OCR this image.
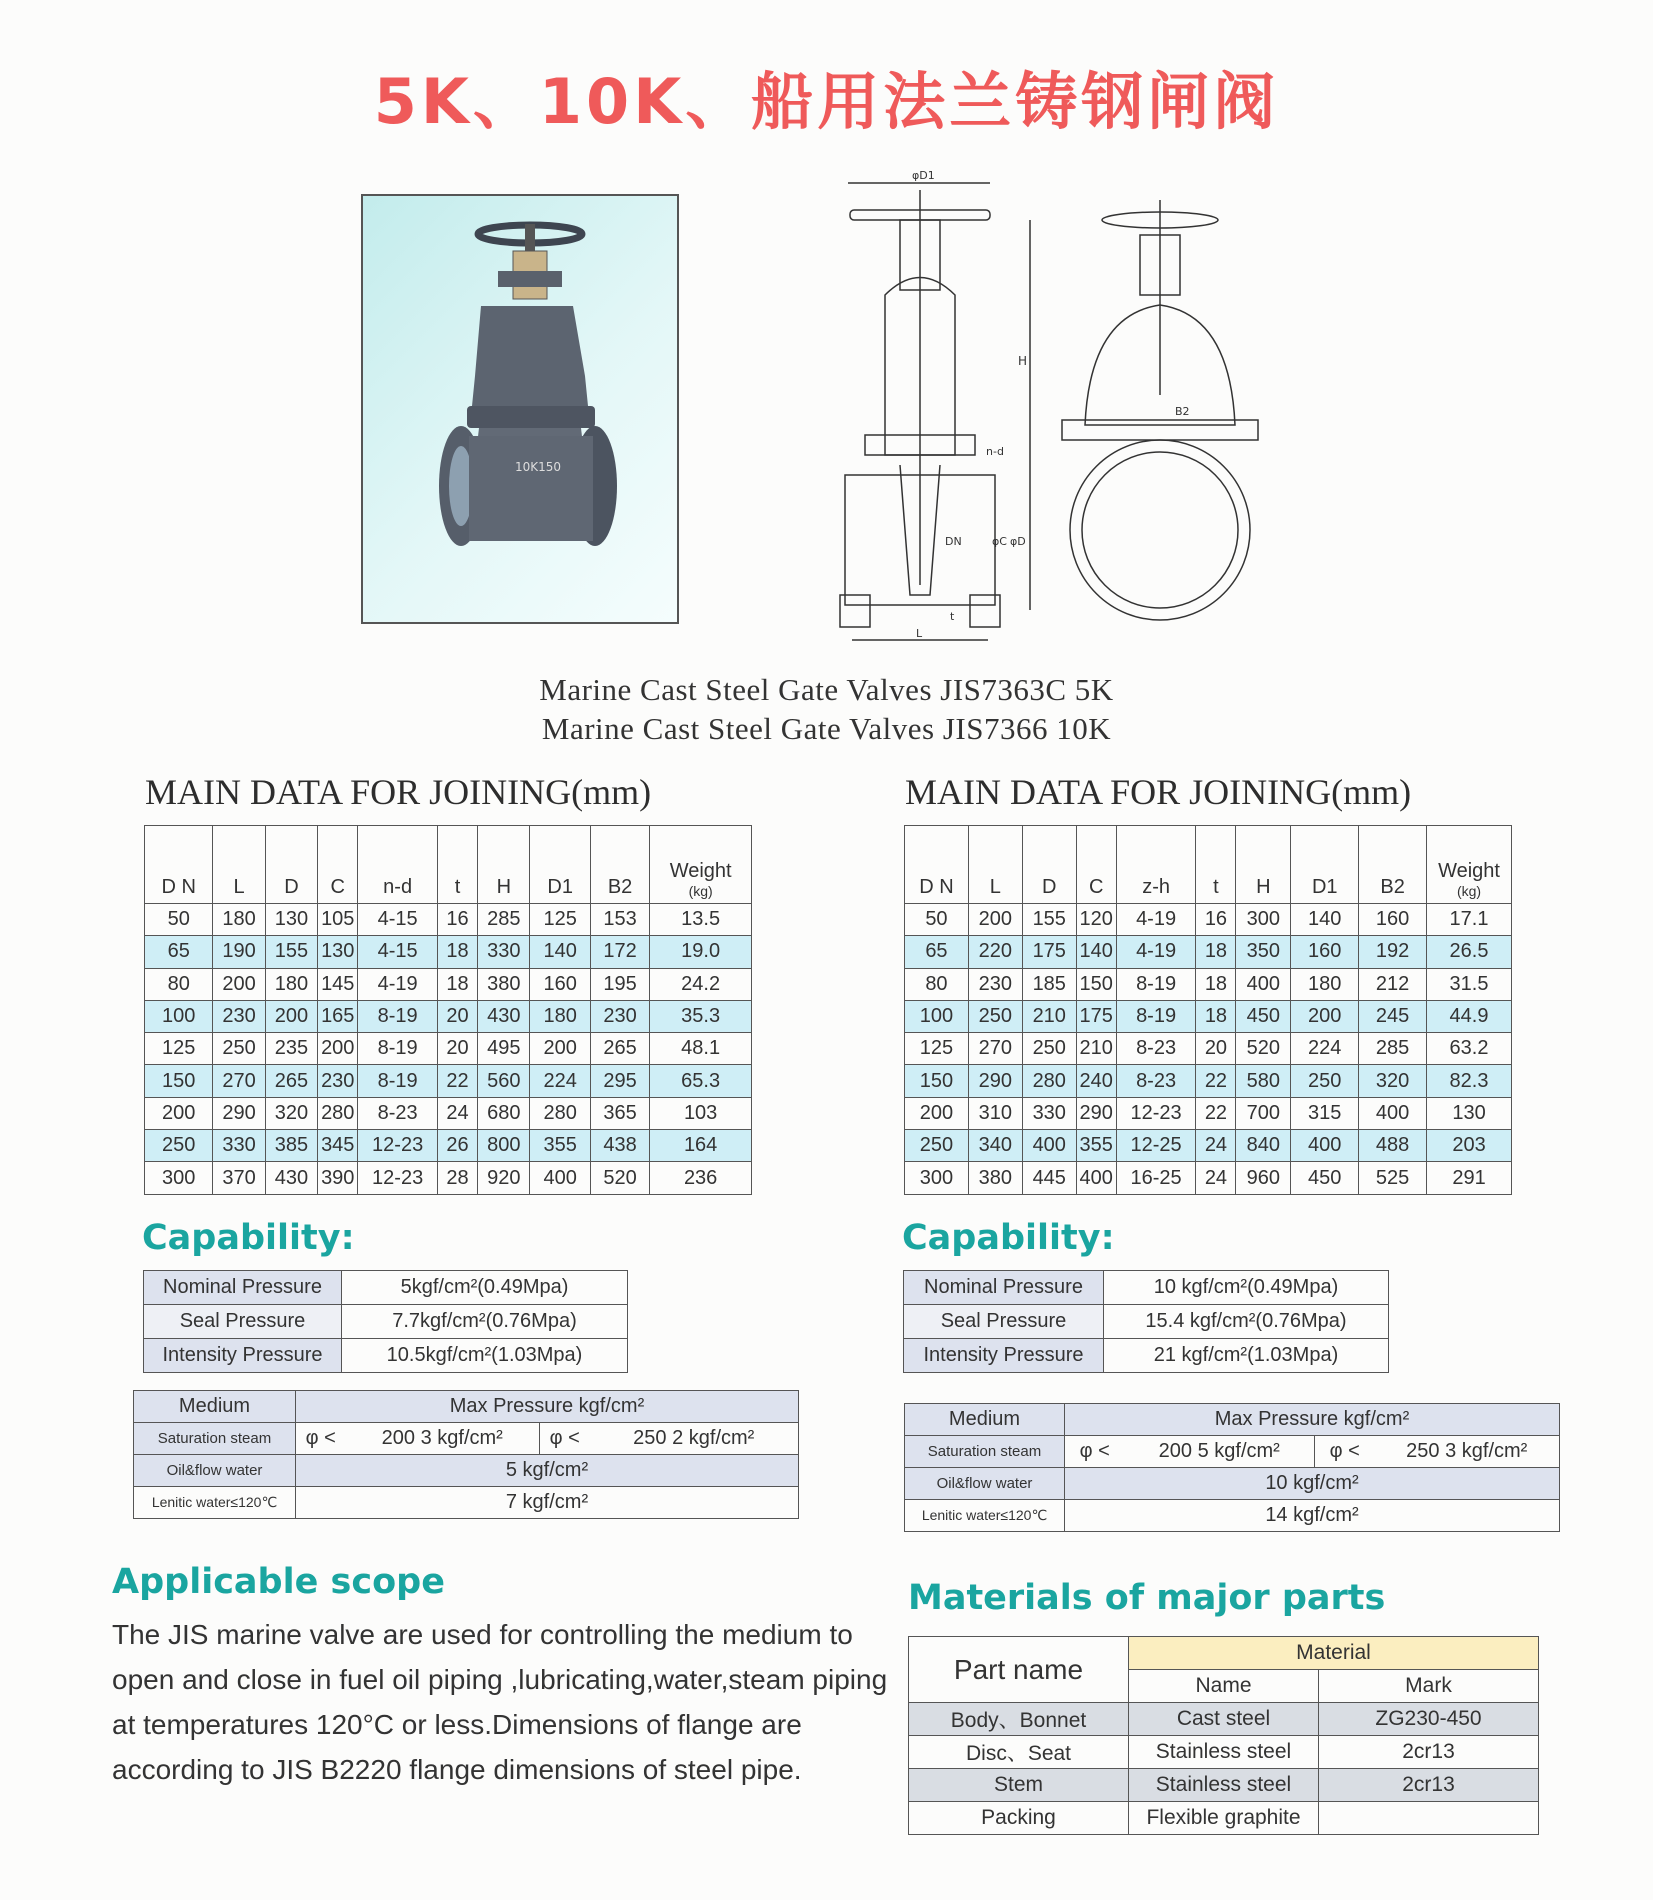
5K、10K、船用法兰铸钢闸阀
10K150
φD1
H
n-d
DN	φC φD
L
t
B2
Marine Cast Steel Gate Valves JIS7363C 5K
Marine Cast Steel Gate Valves JIS7366 10K
MAIN DATA FOR JOINING(mm)	MAIN DATA FOR JOINING(mm)
D N	L	D	C	n-d	t	H	D1	B2	Weight
(kg)

50	180	130	105	4-15	16	285	125	153	13.5
65	190	155	130	4-15	18	330	140	172	19.0
80	200	180	145	4-19	18	380	160	195	24.2
100	230	200	165	8-19	20	430	180	230	35.3
125	250	235	200	8-19	20	495	200	265	48.1
150	270	265	230	8-19	22	560	224	295	65.3
200	290	320	280	8-23	24	680	280	365	103
250	330	385	345	12-23	26	800	355	438	164
300	370	430	390	12-23	28	920	400	520	236
D N	L	D	C	z-h	t	H	D1	B2	Weight
(kg)

50	200	155	120	4-19	16	300	140	160	17.1
65	220	175	140	4-19	18	350	160	192	26.5
80	230	185	150	8-19	18	400	180	212	31.5
100	250	210	175	8-19	18	450	200	245	44.9
125	270	250	210	8-23	20	520	224	285	63.2
150	290	280	240	8-23	22	580	250	320	82.3
200	310	330	290	12-23	22	700	315	400	130
250	340	400	355	12-25	24	840	400	488	203
300	380	445	400	16-25	24	960	450	525	291
Capability:	Capability:
Nominal Pressure	5kgf/cm²(0.49Mpa)
Seal Pressure	7.7kgf/cm²(0.76Mpa)
Intensity Pressure	10.5kgf/cm²(1.03Mpa)
Nominal Pressure	10 kgf/cm²(0.49Mpa)
Seal Pressure	15.4 kgf/cm²(0.76Mpa)
Intensity Pressure	21 kgf/cm²(1.03Mpa)
Medium	Max Pressure kgf/cm²			
Saturation steam	φ <	200 3 kgf/cm²	φ <	250 2 kgf/cm²
Oil&flow water	5 kgf/cm²			
Lenitic water≤120℃	7 kgf/cm²			
Medium	Max Pressure kgf/cm²			
Saturation steam	φ <	200 5 kgf/cm²	φ <	250 3 kgf/cm²
Oil&flow water	10 kgf/cm²			
Lenitic water≤120℃	14 kgf/cm²			
Applicable scope
The JIS marine valve are used for controlling the medium to open and close in fuel oil piping ,lubricating,water,steam piping at temperatures 120°C or less.Dimensions of flange are according to JIS B2220 flange dimensions of steel pipe.
Materials of major parts
Part name	Material	
	Name	Mark
Body、Bonnet	Cast steel	ZG230-450
Disc、Seat	Stainless steel	2cr13
Stem	Stainless steel	2cr13
Packing	Flexible graphite	
